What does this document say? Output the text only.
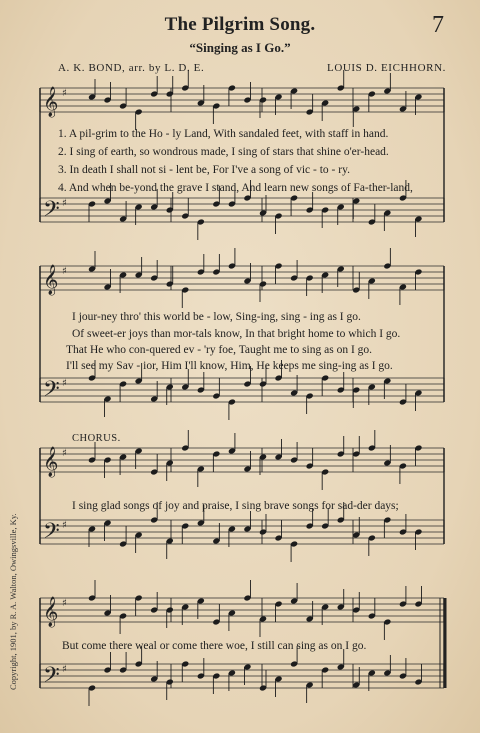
The Pilgrim Song.	7
“Singing as I Go.”
A. K. BOND, arr. by L. D. E.	LOUIS D. EICHHORN.
Copyright, 1901, by R. A. Walton, Owingsville, Ky.
𝄞 ♯
𝄢 ♯
𝄞 ♯
𝄢 ♯
𝄞 ♯
𝄢 ♯
𝄞 ♯
𝄢 ♯
1. A pil-grim to the Ho - ly Land, With sandaled feet, with staff in hand.
2. I sing of earth, so wondrous made, I sing of stars that shine o'er-head.
3. In death I shall not si - lent be, For I've a song of vic - to - ry.
4. And when be-yond the grave I stand, And learn new songs of Fa-ther-land,
I jour-ney thro' this world be - low, Sing-ing, sing - ing as I go.
Of sweet-er joys than mor-tals know, In that bright home to which I go.
That He who con-quered ev - 'ry foe, Taught me to sing as on I go.
I'll see my Sav - ior, Him I'll know, Him, He keeps me sing-ing as I go.
CHORUS.
I sing glad songs of joy and praise, I sing brave songs for sad-der days;
But come there weal or come there woe, I still can sing as on I go.
